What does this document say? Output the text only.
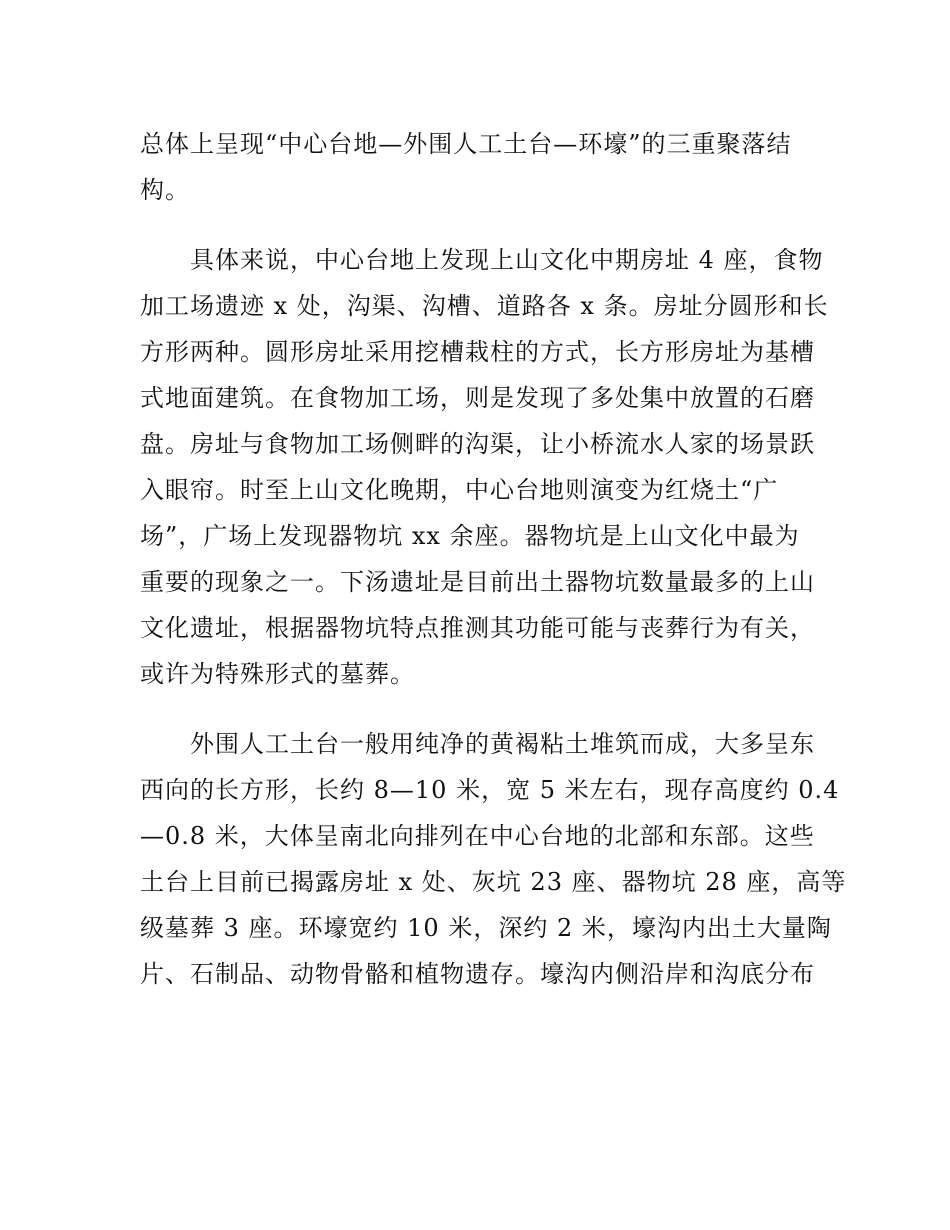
总体上呈现“中心台地—外围人工土台—环壕”的三重聚落结
构。
具体来说，中心台地上发现上山文化中期房址 4 座，食物
加工场遗迹 x 处，沟渠、沟槽、道路各 x 条。房址分圆形和长
方形两种。圆形房址采用挖槽栽柱的方式，长方形房址为基槽
式地面建筑。在食物加工场，则是发现了多处集中放置的石磨
盘。房址与食物加工场侧畔的沟渠，让小桥流水人家的场景跃
入眼帘。时至上山文化晚期，中心台地则演变为红烧土“广
场”，广场上发现器物坑 xx 余座。器物坑是上山文化中最为
重要的现象之一。下汤遗址是目前出土器物坑数量最多的上山
文化遗址，根据器物坑特点推测其功能可能与丧葬行为有关，
或许为特殊形式的墓葬。
外围人工土台一般用纯净的黄褐粘土堆筑而成，大多呈东
西向的长方形，长约 8—10 米，宽 5 米左右，现存高度约 0.4
—0.8 米，大体呈南北向排列在中心台地的北部和东部。这些
土台上目前已揭露房址 x 处、灰坑 23 座、器物坑 28 座，高等
级墓葬 3 座。环壕宽约 10 米，深约 2 米，壕沟内出土大量陶
片、石制品、动物骨骼和植物遗存。壕沟内侧沿岸和沟底分布
